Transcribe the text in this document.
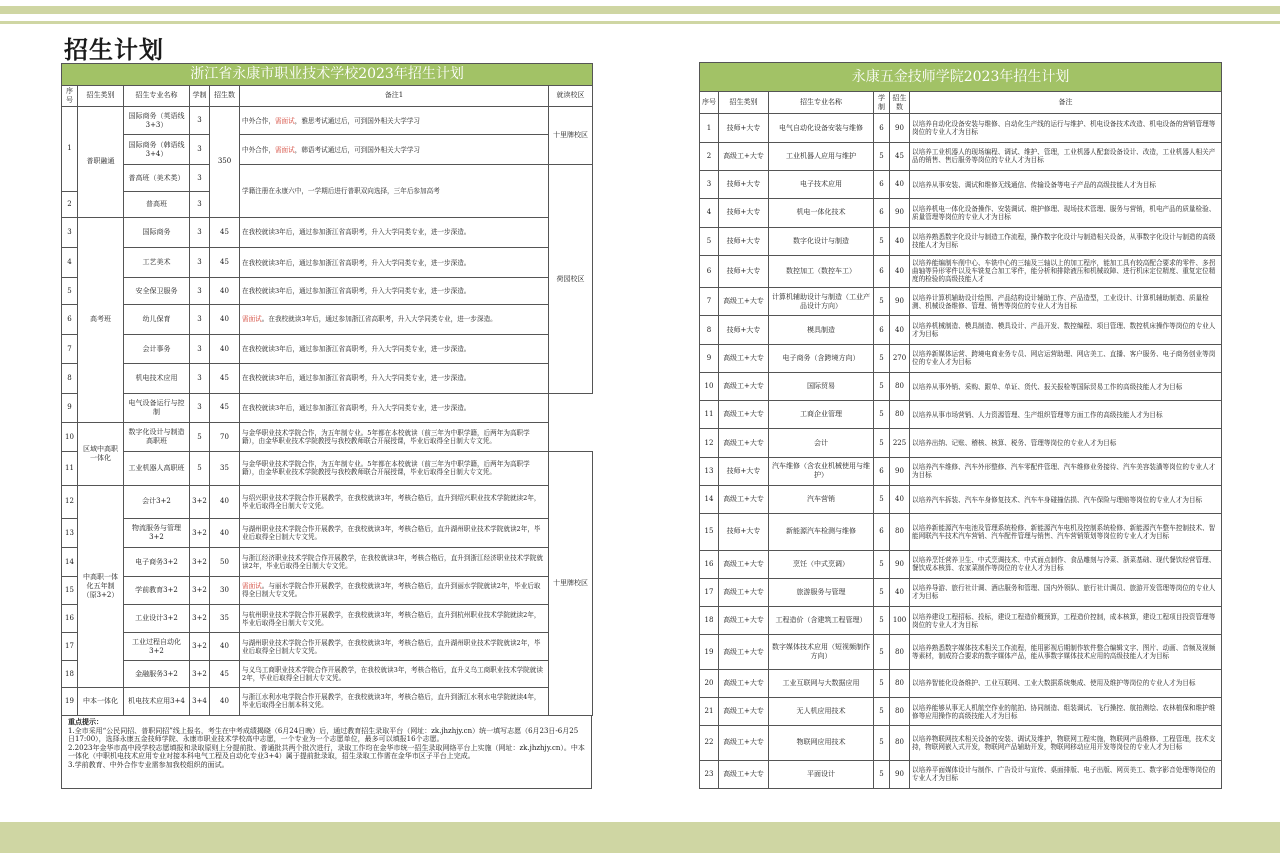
招生计划
浙江省永康市职业技术学校2023年招生计划						
序号	招生类别	招生专业名称	学制	招生数	备注1	就读校区
1	普职融通	国际商务（英语线3+3）	3	350	中外合作，需面试，雅思考试通过后，可到国外相关大学学习	十里牌校区
		国际商务（韩语线3+4）	3		中外合作，需面试，韩语考试通过后，可到国外相关大学学习	
		普高班（美术类）	3		学籍注册在永康六中，一学期后进行普职双向选择，三年后参加高考	荷园校区
2		普高班	3			
3	高考班	国际商务	3	45	在我校就读3年后，通过参加浙江省高职考，升入大学同类专业，进一步深造。	
4		工艺美术	3	45	在我校就读3年后，通过参加浙江省高职考，升入大学同类专业，进一步深造。	
5		安全保卫服务	3	40	在我校就读3年后，通过参加浙江省高职考，升入大学同类专业，进一步深造。	
6		幼儿保育	3	40	需面试。在我校就读3年后，通过参加浙江省高职考，升入大学同类专业，进一步深造。	
7		会计事务	3	40	在我校就读3年后，通过参加浙江省高职考，升入大学同类专业，进一步深造。	
8		机电技术应用	3	45	在我校就读3年后，通过参加浙江省高职考，升入大学同类专业，进一步深造。	
9		电气设备运行与控制	3	45	在我校就读3年后，通过参加浙江省高职考，升入大学同类专业，进一步深造。	
10	区域中高职一体化	数字化设计与制造高职班	5	70	与金华职业技术学院合作，为五年制专业。5年都在本校就读（前三年为中职学籍，后两年为高职学籍），由金华职业技术学院教授与我校教师联合开展授课，毕业后取得全日制大专文凭。	
11		工业机器人高职班	5	35	与金华职业技术学院合作，为五年制专业。5年都在本校就读（前三年为中职学籍，后两年为高职学籍），由金华职业技术学院教授与我校教师联合开展授课，毕业后取得全日制大专文凭。	十里牌校区
12	中高职一体化五年制（原3+2）	会计3+2	3+2	40	与绍兴职业技术学院合作开展教学，在我校就读3年，考核合格后，直升到绍兴职业技术学院就读2年，毕业后取得全日制大专文凭。	
13		物流服务与管理3+2	3+2	40	与湖州职业技术学院合作开展教学，在我校就读3年，考核合格后，直升湖州职业技术学院就读2年，毕业后取得全日制大专文凭。	
14		电子商务3+2	3+2	50	与浙江经济职业技术学院合作开展教学，在我校就读3年，考核合格后，直升到浙江经济职业技术学院就读2年，毕业后取得全日制大专文凭。	
15		学前教育3+2	3+2	30	需面试。与丽水学院合作开展教学，在我校就读3年，考核合格后，直升到丽水学院就读2年，毕业后取得全日制大专文凭。	
16		工业设计3+2	3+2	35	与杭州职业技术学院合作开展教学，在我校就读3年，考核合格后，直升到杭州职业技术学院就读2年，毕业后取得全日制大专文凭。	
17		工业过程自动化3+2	3+2	40	与湖州职业技术学院合作开展教学，在我校就读3年，考核合格后，直升湖州职业技术学院就读2年，毕业后取得全日制大专文凭。	
18		金融服务3+2	3+2	45	与义乌工商职业技术学院合作开展教学，在我校就读3年，考核合格后，直升义乌工商职业技术学院就读2年，毕业后取得全日制大专文凭。	
19	中本一体化	机电技术应用3+4	3+4	40	与浙江水利水电学院合作开展教学，在我校就读3年，考核合格后，直升到浙江水利水电学院就读4年，毕业后取得全日制本科文凭。	
重点提示：
1.全市采用“公民同招、普职同招”线上报名，考生在中考成绩揭晓（6月24日晚）后，通过教育招生录取平台（网址：zk.jhzhjy.cn）统一填写志愿（6月23日-6月25日17:00），选择永康五金技师学院、永康市职业技术学校高中志愿，一个专业为一个志愿单位，最多可以填报16个志愿。
2.2023年金华市高中段学校志愿填报和录取原则上分提前批、普通批共两个批次进行，录取工作均在金华市统一招生录取网络平台上实施（网址：zk.jhzhjy.cn）。中本一体化（中职机电技术应用专业对接本科电气工程及自动化专业3+4）属于提前批录取，招生录取工作需在金华市区子平台上完成。
3.学前教育、中外合作专业需参加我校组织的面试。
永康五金技师学院2023年招生计划					
序号	招生类别	招生专业名称	学制	招生数	备注
1	技师+大专	电气自动化设备安装与维修	6	90	以培养自动化设备安装与维修、自动化生产线的运行与维护、机电设备技术改造、机电设备的营销管理等岗位的专业人才为目标
2	高级工+大专	工业机器人应用与维护	5	45	以培养工业机器人的现场编程、调试、维护、管理，工业机器人配套设备设计、改造，工业机器人相关产品的销售、售后服务等岗位的专业人才为目标
3	技师+大专	电子技术应用	6	40	以培养从事安装、调试和维修无线通信、传输设备等电子产品的高级技能人才为目标
4	技师+大专	机电一体化技术	6	90	以培养机电一体化设备操作、安装调试、维护修理、现场技术管理、服务与营销，机电产品的质量检验、质量管理等岗位的专业人才为目标
5	技师+大专	数字化设计与制造	5	40	以培养熟悉数字化设计与制造工作流程，操作数字化设计与制造相关设备，从事数字化设计与制造的高级技能人才为目标
6	技师+大专	数控加工（数控车工）	6	40	以培养能编制车削中心、车铣中心的三轴及三轴以上的加工程序，能加工具有较高配合要求的零件、多拐曲轴等异形零件以及车铣复合加工零件，能分析和排除液压和机械故障、进行机床定位精度、重复定位精度的检验的高级技能人才
7	高级工+大专	计算机辅助设计与制造（工业产品设计方向）	5	90	以培养计算机辅助设计绘图、产品结构设计辅助工作、产品造型，工业设计、计算机辅助制造、质量检测、机械设备维修、管理、销售等岗位的专业人才为目标
8	技师+大专	模具制造	6	40	以培养机械制造、模具制造、模具设计、产品开发、数控编程、项目管理、数控机床操作等岗位的专业人才为目标
9	高级工+大专	电子商务（含跨境方向）	5	270	以培养新媒体运营、跨境电商业务专员、网店运营助理、网店美工、直播、客户服务、电子商务创业等岗位的专业人才为目标
10	高级工+大专	国际贸易	5	80	以培养从事外销、采购、跟单、单证、货代、报关报检等国际贸易工作的高级技能人才为目标
11	高级工+大专	工商企业管理	5	80	以培养从事市场营销、人力资源管理、生产组织管理等方面工作的高级技能人才为目标
12	高级工+大专	会计	5	225	以培养出纳、记账、稽核、核算、税务、管理等岗位的专业人才为目标
13	技师+大专	汽车维修（含农业机械使用与维护）	6	90	以培养汽车维修、汽车外形整修、汽车零配件管理、汽车维修业务接待、汽车美容装潢等岗位的专业人才为目标
14	高级工+大专	汽车营销	5	40	以培养汽车拆装、汽车车身修复技术、汽车车身碰撞估损、汽车保险与理赔等岗位的专业人才为目标
15	技师+大专	新能源汽车检测与维修	6	80	以培养新能源汽车电池及管理系统检修、新能源汽车电机及控制系统检修、新能源汽车整车控制技术、智能网联汽车技术汽车营销、汽车配件管理与销售、汽车营销策划等岗位的专业人才为目标
16	高级工+大专	烹饪（中式烹调）	5	90	以培养烹饪营养卫生、中式烹调技术、中式面点制作、食品雕刻与冷菜、浙菜基础、现代餐饮经营管理、餐饮成本核算、农家菜制作等岗位的专业人才为目标
17	高级工+大专	旅游服务与管理	5	40	以培养导游、旅行社计调、酒店服务和管理、国内外领队、旅行社计调员、旅游开发管理等岗位的专业人才为目标
18	高级工+大专	工程造价（含建筑工程管理）	5	100	以培养建设工程招标、投标，建设工程造价概预算，工程造价控制，成本核算，建设工程项目投资管理等岗位的专业人才为目标
19	高级工+大专	数字媒体技术应用（短视频制作方向）	5	80	以培养熟悉数字媒体技术相关工作流程，能用影视后期制作软件整合编辑文字、图片、动画、音频及视频等素材，制成符合要求的数字媒体产品，能从事数字媒体技术应用的高级技能人才为目标
20	高级工+大专	工业互联网与大数据应用	5	80	以培养智能化设备维护、工业互联网、工业大数据系统集成、使用及维护等岗位的专业人才为目标
21	高级工+大专	无人机应用技术	5	80	以培养能够从事无人机航空作业的航拍、协同制造、组装调试、飞行操控、航拍测绘、农林植保和维护维修等应用操作的高级技能人才为目标
22	高级工+大专	物联网应用技术	5	80	以培养物联网技术相关设备的安装、调试及维护，物联网工程实施，物联网产品维修、工程管理，技术支持，物联网嵌入式开发，物联网产品辅助开发，物联网移动应用开发等岗位的专业人才为目标
23	高级工+大专	平面设计	5	90	以培养平面媒体设计与制作、广告设计与宣传、桌面排版、电子出版、网页美工、数字影音处理等岗位的专业人才为目标
